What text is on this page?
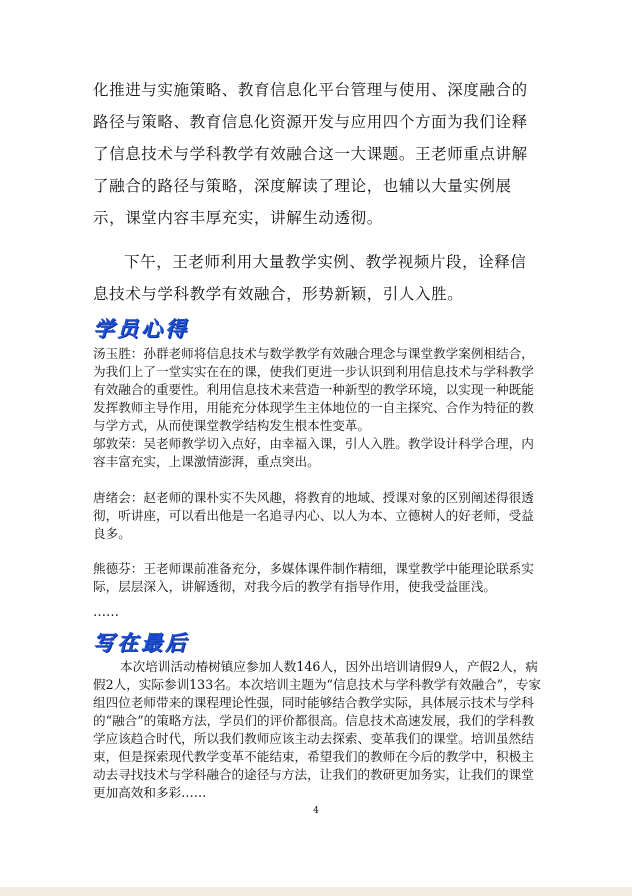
化推进与实施策略、教育信息化平台管理与使用、深度融合的路径与策略、教育信息化资源开发与应用四个方面为我们诠释了信息技术与学科教学有效融合这一大课题。王老师重点讲解了融合的路径与策略，深度解读了理论，也辅以大量实例展示，课堂内容丰厚充实，讲解生动透彻。

下午，王老师利用大量教学实例、教学视频片段，诠释信息技术与学科教学有效融合，形势新颖，引人入胜。

学员心得

汤玉胜：孙群老师将信息技术与数学教学有效融合理念与课堂教学案例相结合，为我们上了一堂实实在在的课，使我们更进一步认识到利用信息技术与学科教学有效融合的重要性。利用信息技术来营造一种新型的教学环境，以实现一种既能发挥教师主导作用，用能充分体现学生主体地位的一自主探究、合作为特征的教与学方式，从而使课堂教学结构发生根本性变革。

邬敦荣：吴老师教学切入点好，由幸福入课，引人入胜。教学设计科学合理，内容丰富充实，上课激情澎湃，重点突出。

唐绪会：赵老师的课朴实不失风趣，将教育的地域、授课对象的区别阐述得很透彻，听讲座，可以看出他是一名追寻内心、以人为本、立德树人的好老师，受益良多。

熊德芬：王老师课前准备充分，多媒体课件制作精细，课堂教学中能理论联系实际，层层深入，讲解透彻，对我今后的教学有指导作用，使我受益匪浅。

……

写在最后

本次培训活动椿树镇应参加人数146人，因外出培训请假9人，产假2人，病假2人，实际参训133名。本次培训主题为“信息技术与学科教学有效融合”，专家组四位老师带来的课程理论性强，同时能够结合教学实际，具体展示技术与学科的“融合”的策略方法，学员们的评价都很高。信息技术高速发展，我们的学科教学应该趋合时代，所以我们教师应该主动去探索、变革我们的课堂。培训虽然结束，但是探索现代教学变革不能结束，希望我们的教师在今后的教学中，积极主动去寻找技术与学科融合的途径与方法，让我们的教研更加务实，让我们的课堂更加高效和多彩……

4
